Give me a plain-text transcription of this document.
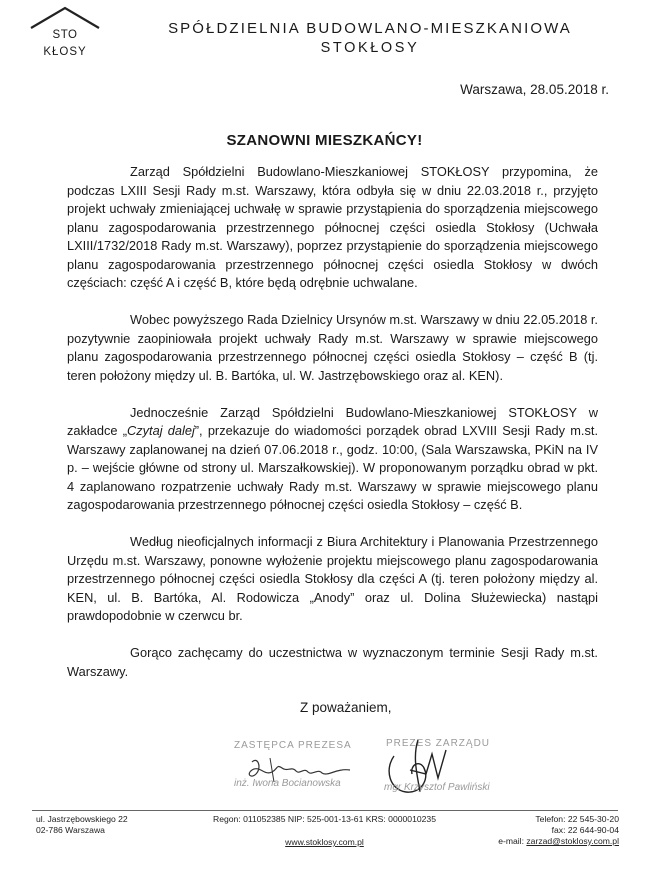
STO
KŁOSY
SPÓŁDZIELNIA BUDOWLANO-MIESZKANIOWA
STOKŁOSY
Warszawa, 28.05.2018 r.
SZANOWNI MIESZKAŃCY!

Zarząd Spółdzielni Budowlano-Mieszkaniowej STOKŁOSY przypomina, że podczas LXIII Sesji Rady m.st. Warszawy, która odbyła się w dniu 22.03.2018 r., przyjęto projekt uchwały zmieniającej uchwałę w sprawie przystąpienia do sporządzenia miejscowego planu zagospodarowania przestrzennego północnej części osiedla Stokłosy (Uchwała LXIII/1732/2018 Rady m.st. Warszawy), poprzez przystąpienie do sporządzenia miejscowego planu zagospodarowania przestrzennego północnej części osiedla Stokłosy w dwóch częściach: część A i część B, które będą odrębnie uchwalane.

Wobec powyższego Rada Dzielnicy Ursynów m.st. Warszawy w dniu 22.05.2018 r. pozytywnie zaopiniowała projekt uchwały Rady m.st. Warszawy w sprawie miejscowego planu zagospodarowania przestrzennego północnej części osiedla Stokłosy – część B (tj. teren położony między ul. B. Bartóka, ul. W. Jastrzębowskiego oraz al. KEN).

Jednocześnie Zarząd Spółdzielni Budowlano-Mieszkaniowej STOKŁOSY w zakładce „Czytaj dalej”, przekazuje do wiadomości porządek obrad LXVIII Sesji Rady m.st. Warszawy zaplanowanej na dzień 07.06.2018 r., godz. 10:00, (Sala Warszawska, PKiN na IV p. – wejście główne od strony ul. Marszałkowskiej). W proponowanym porządku obrad w pkt. 4 zaplanowano rozpatrzenie uchwały Rady m.st. Warszawy w sprawie miejscowego planu zagospodarowania przestrzennego północnej części osiedla Stokłosy – część B.

Według nieoficjalnych informacji z Biura Architektury i Planowania Przestrzennego Urzędu m.st. Warszawy, ponowne wyłożenie projektu miejscowego planu zagospodarowania przestrzennego północnej części osiedla Stokłosy dla części A (tj. teren położony między al. KEN, ul. B. Bartóka, Al. Rodowicza „Anody” oraz ul. Dolina Służewiecka) nastąpi prawdopodobnie w czerwcu br.

Gorąco zachęcamy do uczestnictwa w wyznaczonym terminie Sesji Rady m.st. Warszawy.

Z poważaniem,
ZASTĘPCA PREZESA
inż. Iwona Bocianowska
PREZES ZARZĄDU
mgr Krzysztof Pawliński
ul. Jastrzębowskiego 22
02-786 Warszawa
Regon: 011052385 NIP: 525-001-13-61 KRS: 0000010235
www.stoklosy.com.pl
Telefon: 22 545-30-20
fax: 22 644-90-04
e-mail: zarzad@stoklosy.com.pl
